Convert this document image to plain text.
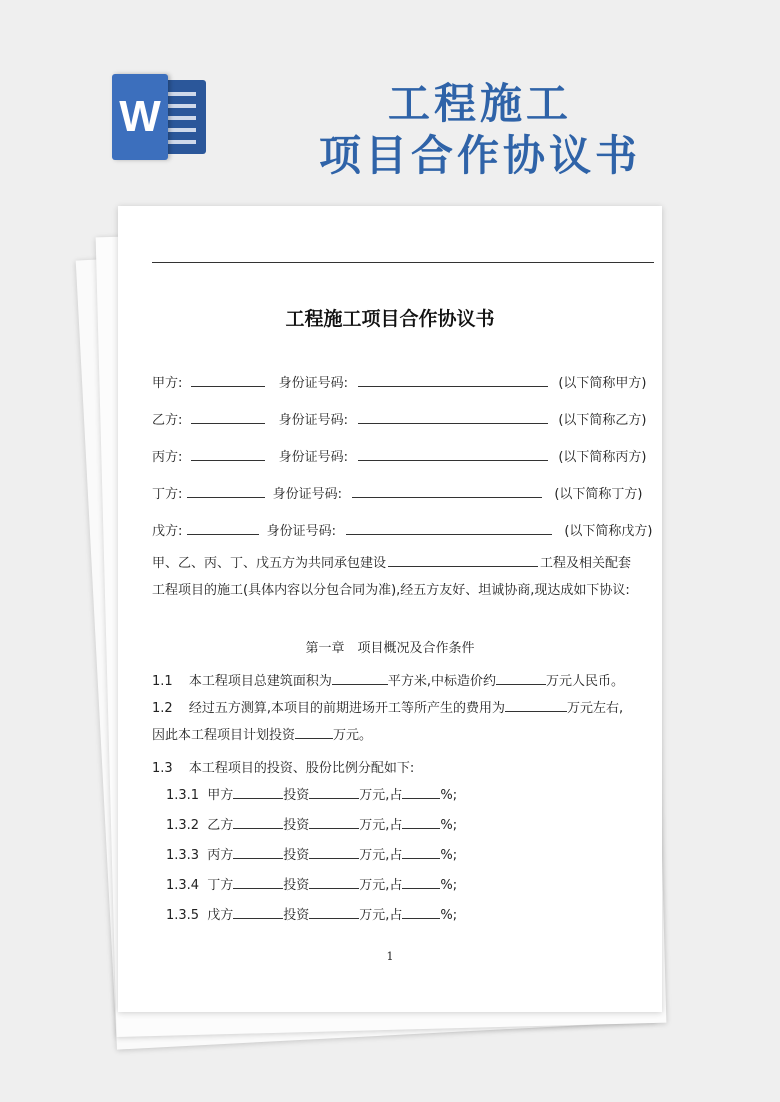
W	工程施工
项目合作协议书
工程施工项目合作协议书
甲方:	身份证号码:	(以下简称甲方)
乙方:	身份证号码:	(以下简称乙方)
丙方:	身份证号码:	(以下简称丙方)
丁方:	身份证号码:	(以下简称丁方)
戊方:	身份证号码:	(以下简称戊方)
甲、乙、丙、丁、戊五方为共同承包建设	工程及相关配套工程项目的施工(具体内容以分包合同为准),经五方友好、坦诚协商,现达成如下协议:
第一章　项目概况及合作条件
1.1 本工程项目总建筑面积为	平方米,中标造价约	万元人民币。
1.2 经过五方测算,本项目的前期进场开工等所产生的费用为	万元左右,因此本工程项目计划投资	万元。
1.3 本工程项目的投资、股份比例分配如下:
1.3.1 甲方	投资	万元,占	%;
1.3.2 乙方	投资	万元,占	%;
1.3.3 丙方	投资	万元,占	%;
1.3.4 丁方	投资	万元,占	%;
1.3.5 戊方	投资	万元,占	%;
1
